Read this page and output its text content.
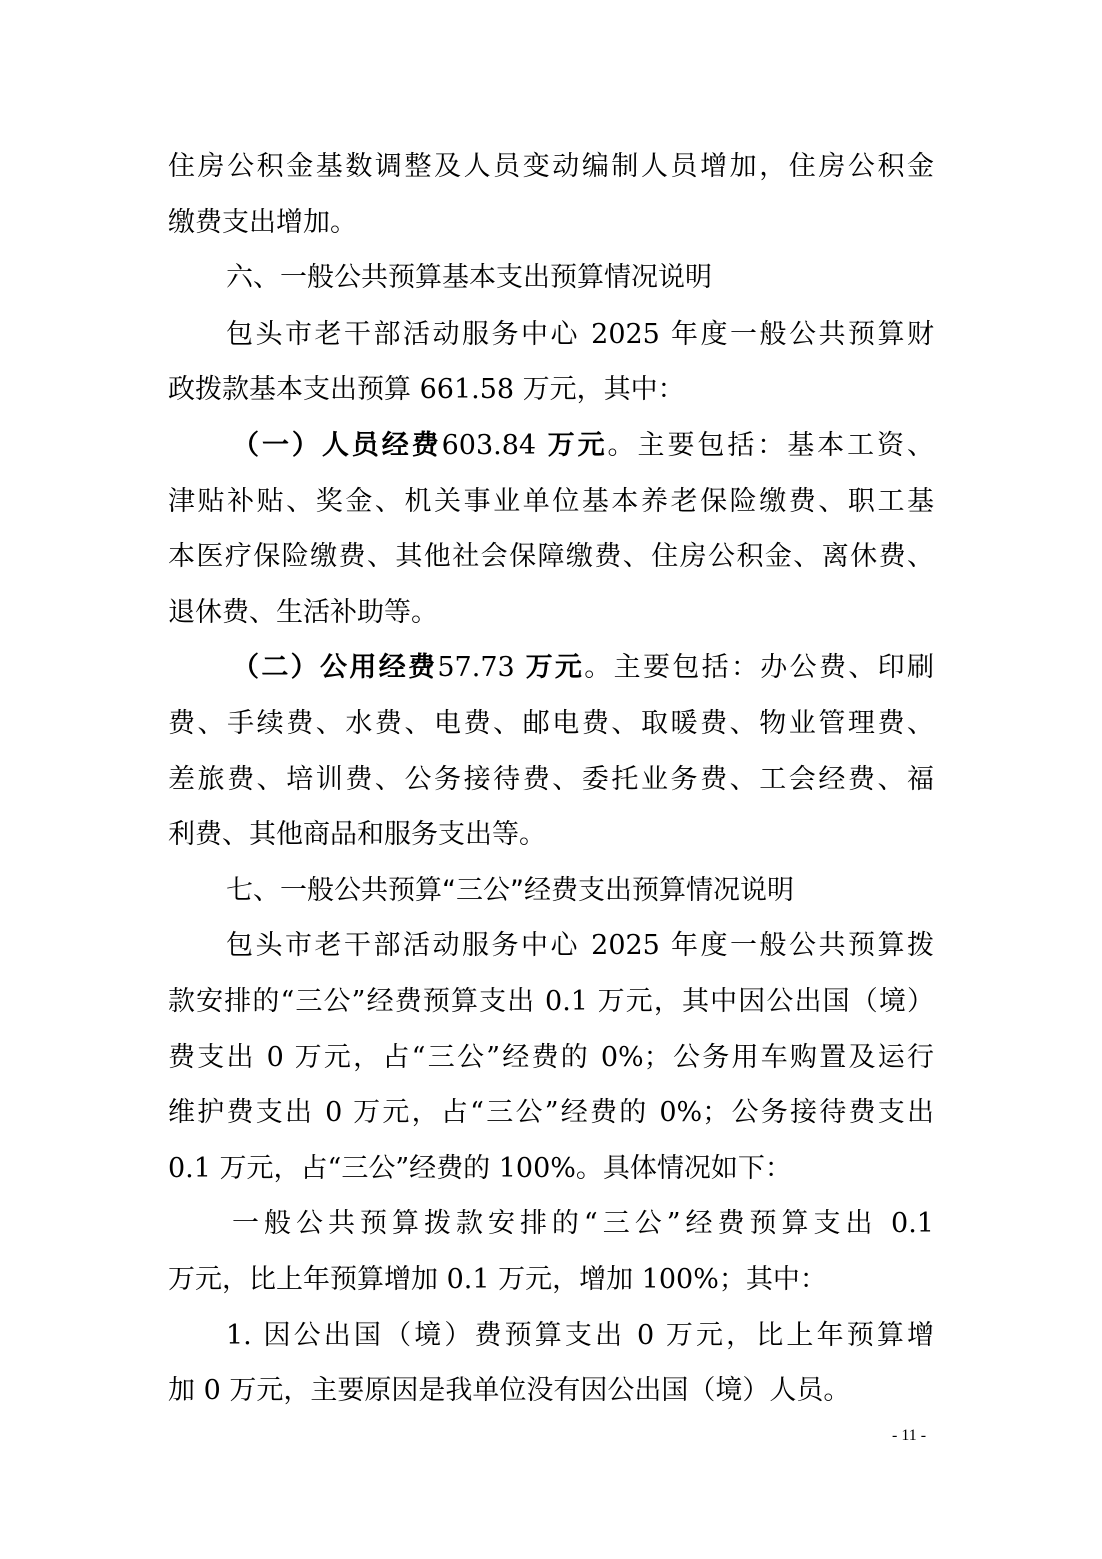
住房公积金基数调整及人员变动编制人员增加，住房公积金
缴费支出增加。
六、一般公共预算基本支出预算情况说明
包头市老干部活动服务中心 2025 年度一般公共预算财
政拨款基本支出预算 661.58 万元，其中：
（一）人员经费603.84 万元。主要包括：基本工资、
津贴补贴、奖金、机关事业单位基本养老保险缴费、职工基
本医疗保险缴费、其他社会保障缴费、住房公积金、离休费、
退休费、生活补助等。
（二）公用经费57.73 万元。主要包括：办公费、印刷
费、手续费、水费、电费、邮电费、取暖费、物业管理费、
差旅费、培训费、公务接待费、委托业务费、工会经费、福
利费、其他商品和服务支出等。
七、一般公共预算“三公”经费支出预算情况说明
包头市老干部活动服务中心 2025 年度一般公共预算拨
款安排的“三公”经费预算支出 0.1 万元，其中因公出国（境）
费支出 0 万元，占“三公”经费的 0%；公务用车购置及运行
维护费支出 0 万元，占“三公”经费的 0%；公务接待费支出
0.1 万元，占“三公”经费的 100%。具体情况如下：
一般公共预算拨款安排的“三公”经费预算支出 0.1
万元，比上年预算增加 0.1 万元，增加 100%；其中：
1. 因公出国（境）费预算支出 0 万元，比上年预算增
加 0 万元，主要原因是我单位没有因公出国（境）人员。
- 11 -
